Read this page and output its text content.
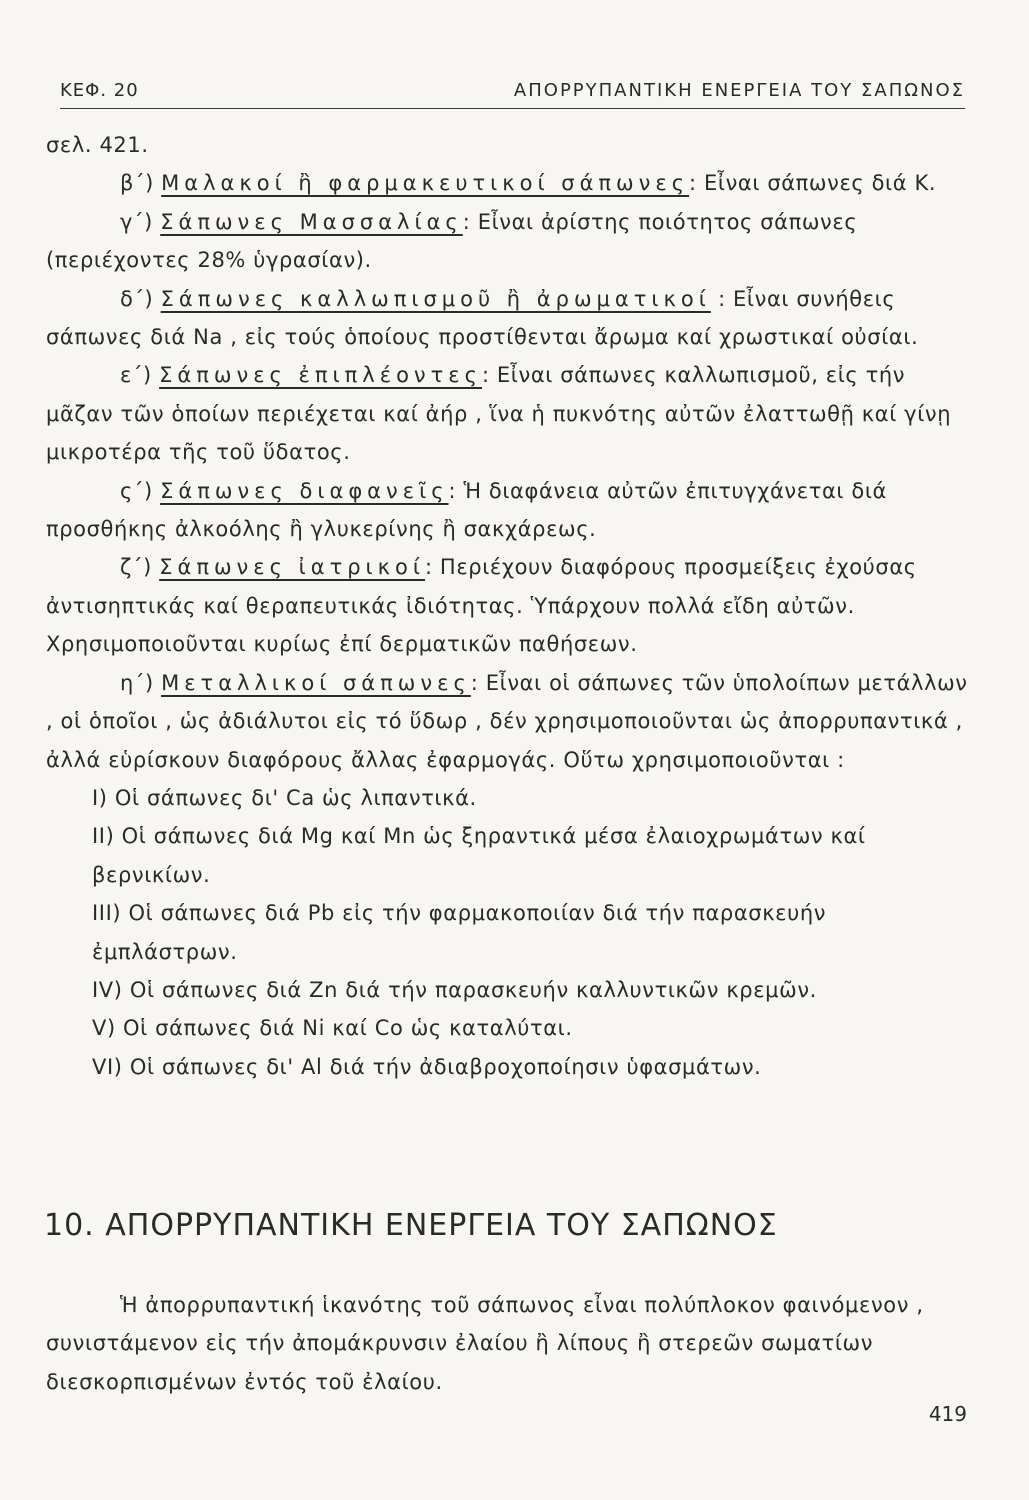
ΚΕΦ. 20	ΑΠΟΡΡΥΠΑΝΤΙΚΗ ΕΝΕΡΓΕΙΑ ΤΟΥ ΣΑΠΩΝΟΣ

σελ. 421.

β΄) Μαλακοί ἢ φαρμακευτικοί σάπωνες: Εἶναι σάπωνες διά Κ.

γ΄) Σάπωνες Μασσαλίας: Εἶναι ἀρίστης ποιότητος σάπωνες (περιέχοντες 28% ὑγρασίαν).

δ΄) Σάπωνες καλλωπισμοῦ ἢ ἀρωματικοί : Εἶναι συνήθεις σάπωνες διά Na , εἰς τούς ὁποίους προστίθενται ἄρωμα καί χρωστικαί οὐσίαι.

ε΄) Σάπωνες ἐπιπλέοντες: Εἶναι σάπωνες καλλωπισμοῦ, εἰς τήν μᾶζαν τῶν ὁποίων περιέχεται καί ἀήρ , ἵνα ἡ πυκνότης αὐτῶν ἐλαττωθῇ καί γίνῃ μικροτέρα τῆς τοῦ ὕδατος.

ς΄) Σάπωνες διαφανεῖς: Ἡ διαφάνεια αὐτῶν ἐπιτυγχάνεται διά προσθήκης ἀλκοόλης ἢ γλυκερίνης ἢ σακχάρεως.

ζ΄) Σάπωνες ἰατρικοί: Περιέχουν διαφόρους προσμείξεις ἐχούσας ἀντισηπτικάς καί θεραπευτικάς ἰδιότητας. Ὑπάρχουν πολλά εἴδη αὐτῶν. Χρησιμοποιοῦνται κυρίως ἐπί δερματικῶν παθήσεων.

η΄) Μεταλλικοί σάπωνες: Εἶναι οἱ σάπωνες τῶν ὑπολοίπων μετάλλων , οἱ ὁποῖοι , ὡς ἀδιάλυτοι εἰς τό ὕδωρ , δέν χρησιμοποιοῦνται ὡς ἀπορρυπαντικά , ἀλλά εὑρίσκουν διαφόρους ἄλλας ἐφαρμογάς. Οὕτω χρησιμοποιοῦνται :

I) Οἱ σάπωνες δι' Ca ὡς λιπαντικά.

II) Οἱ σάπωνες διά Mg καί Mn ὡς ξηραντικά μέσα ἐλαιοχρωμάτων καί βερνικίων.

III) Οἱ σάπωνες διά Pb εἰς τήν φαρμακοποιίαν διά τήν παρασκευήν ἐμπλάστρων.

IV) Οἱ σάπωνες διά Zn διά τήν παρασκευήν καλλυντικῶν κρεμῶν.

V) Οἱ σάπωνες διά Ni καί Co ὡς καταλύται.

VI) Οἱ σάπωνες δι' Al διά τήν ἀδιαβροχοποίησιν ὑφασμάτων.

10. ΑΠΟΡΡΥΠΑΝΤΙΚΗ ΕΝΕΡΓΕΙΑ ΤΟΥ ΣΑΠΩΝΟΣ

Ἡ ἀπορρυπαντική ἱκανότης τοῦ σάπωνος εἶναι πολύπλοκον φαινόμενον , συνιστάμενον εἰς τήν ἀπομάκρυνσιν ἐλαίου ἢ λίπους ἢ στερεῶν σωματίων διεσκορπισμένων ἐντός τοῦ ἐλαίου.

419
